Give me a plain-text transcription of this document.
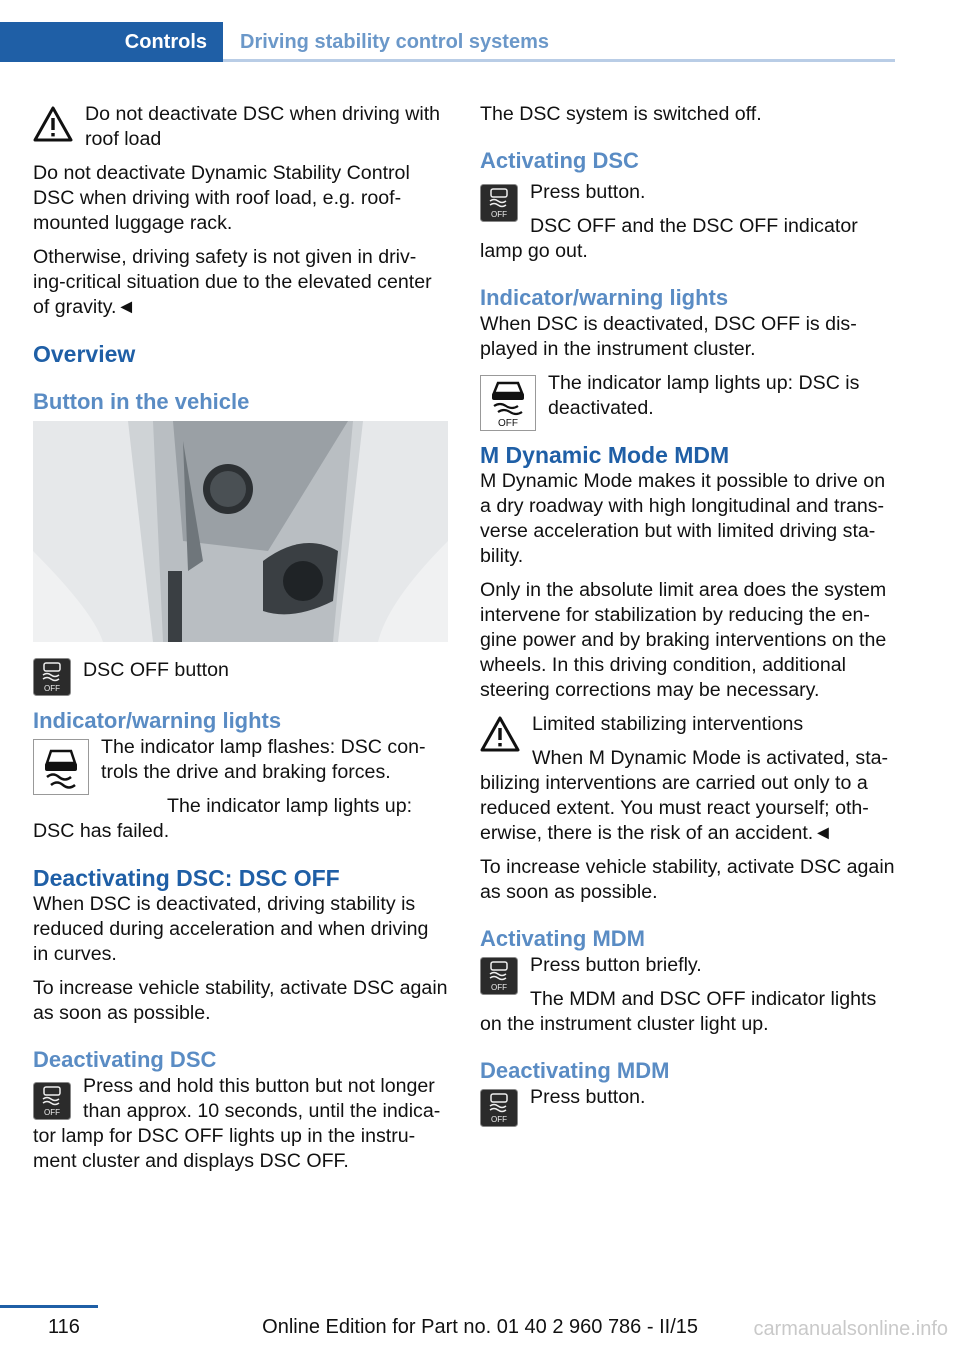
Controls	Driving stability control systems

Do not deactivate DSC when driving with roof load

Do not deactivate Dynamic Stability Control DSC when driving with roof load, e.g. roof-mounted luggage rack.

Otherwise, driving safety is not given in driv-ing-critical situation due to the elevated center of gravity.◄

Overview
Button in the vehicle
OFF

DSC OFF button

Indicator/warning lights

The indicator lamp flashes: DSC con-trols the drive and braking forces.

The indicator lamp lights up: DSC has failed.

Deactivating DSC: DSC OFF

When DSC is deactivated, driving stability is reduced during acceleration and when driving in curves.

To increase vehicle stability, activate DSC again as soon as possible.

Deactivating DSC
OFF

Press and hold this button but not longer than approx. 10 seconds, until the indica-tor lamp for DSC OFF lights up in the instru-ment cluster and displays DSC OFF.

The DSC system is switched off.

Activating DSC
OFF

Press button.

DSC OFF and the DSC OFF indicator lamp go out.

Indicator/warning lights

When DSC is deactivated, DSC OFF is dis-played in the instrument cluster.

OFF

The indicator lamp lights up: DSC is deactivated.

M Dynamic Mode MDM

M Dynamic Mode makes it possible to drive on a dry roadway with high longitudinal and trans-verse acceleration but with limited driving sta-bility.

Only in the absolute limit area does the system intervene for stabilization by reducing the en-gine power and by braking interventions on the wheels. In this driving condition, additional steering corrections may be necessary.

Limited stabilizing interventions

When M Dynamic Mode is activated, sta-bilizing interventions are carried out only to a reduced extent. You must react yourself; oth-erwise, there is the risk of an accident.◄

To increase vehicle stability, activate DSC again as soon as possible.

Activating MDM
OFF

Press button briefly.

The MDM and DSC OFF indicator lights on the instrument cluster light up.

Deactivating MDM
OFF

Press button.

116	Online Edition for Part no. 01 40 2 960 786 - II/15	carmanualsonline.info
